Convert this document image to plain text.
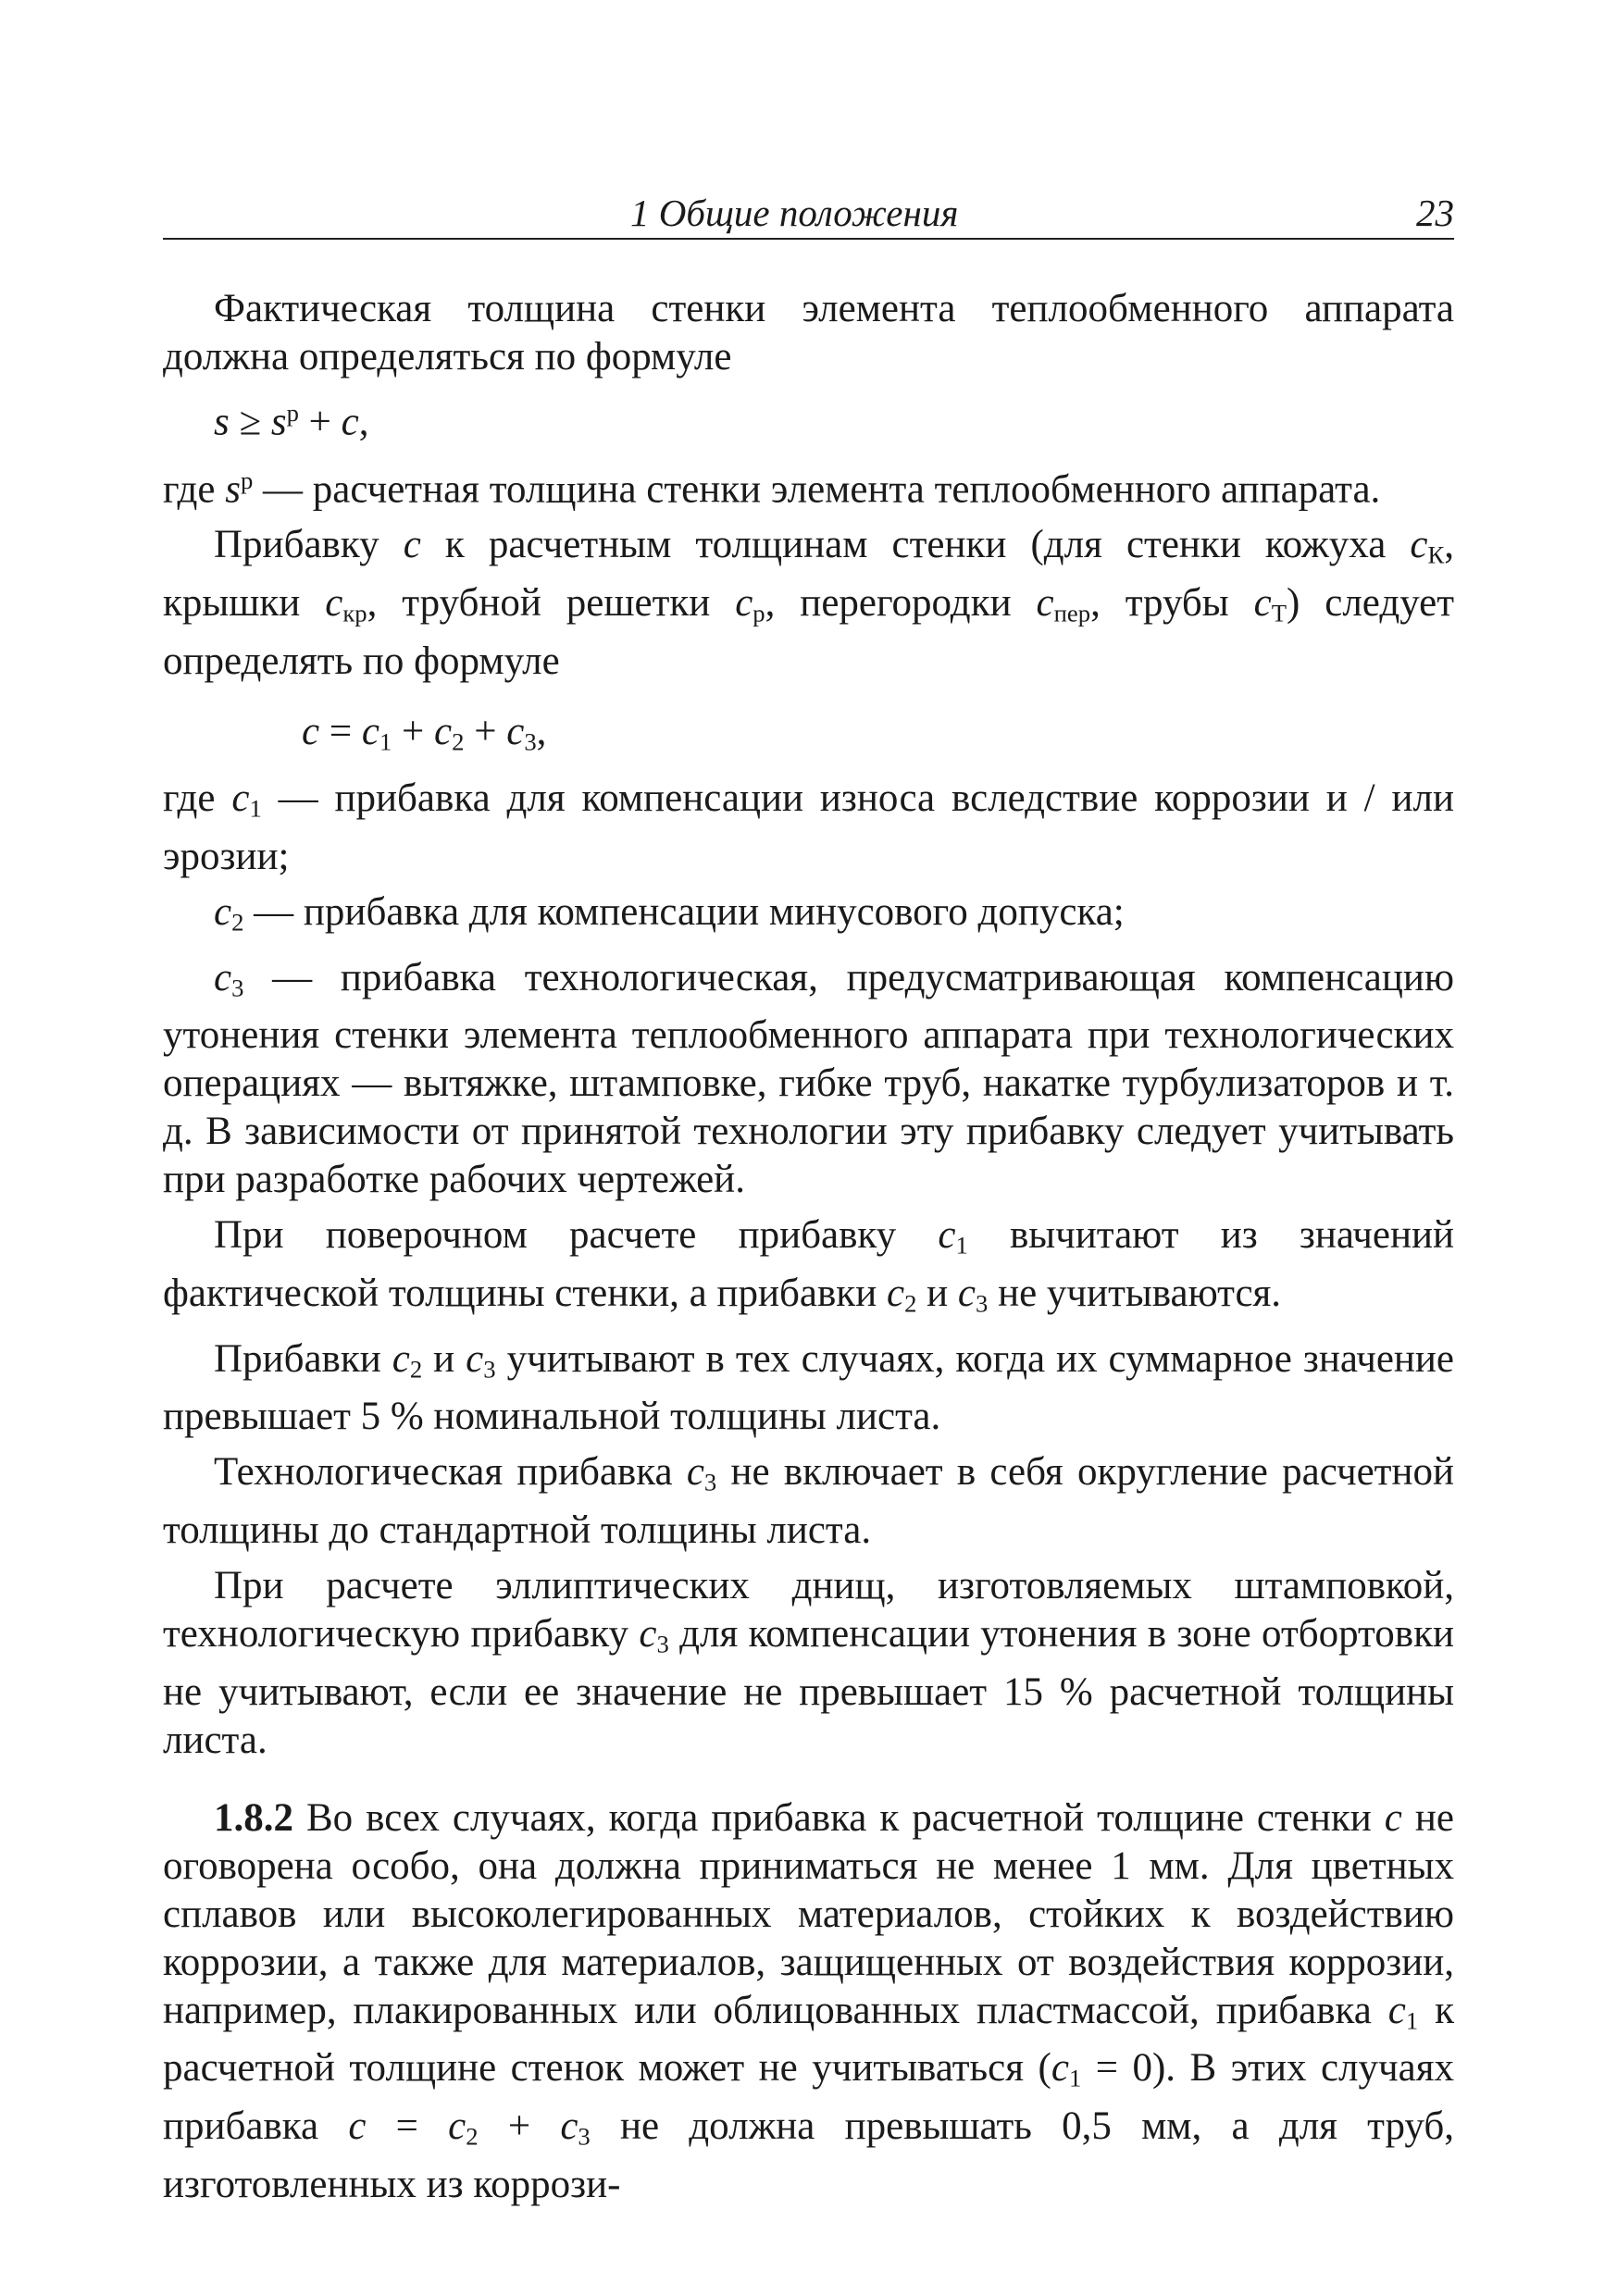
1 Общие положения	23

Фактическая толщина стенки элемента теплообменного аппарата должна определяться по формуле

$s \ge s^р + c$,

где $s^р$ — расчетная толщина стенки элемента теплообменного аппарата.

Прибавку c к расчетным толщинам стенки (для стенки кожуха $c_К$, крышки $c_{кр}$, трубной решетки $c_р$, перегородки $c_{пер}$, трубы $c_Т$) следует определять по формуле

$c = c_1 + c_2 + c_3$,

где $c_1$ — прибавка для компенсации износа вследствие коррозии и / или эрозии;

$c_2$ — прибавка для компенсации минусового допуска;

$c_3$ — прибавка технологическая, предусматривающая компенсацию утонения стенки элемента теплообменного аппарата при технологических операциях — вытяжке, штамповке, гибке труб, накатке турбулизаторов и т. д. В зависимости от принятой технологии эту прибавку следует учитывать при разработке рабочих чертежей.

При поверочном расчете прибавку $c_1$ вычитают из значений фактической толщины стенки, а прибавки $c_2$ и $c_3$ не учитываются.

Прибавки $c_2$ и $c_3$ учитывают в тех случаях, когда их суммарное значение превышает 5 % номинальной толщины листа.

Технологическая прибавка $c_3$ не включает в себя округление расчетной толщины до стандартной толщины листа.

При расчете эллиптических днищ, изготовляемых штамповкой, технологическую прибавку $c_3$ для компенсации утонения в зоне отбортовки не учитывают, если ее значение не превышает 15 % расчетной толщины листа.

1.8.2 Во всех случаях, когда прибавка к расчетной толщине стенки c не оговорена особо, она должна приниматься не менее 1 мм. Для цветных сплавов или высоколегированных материалов, стойких к воздействию коррозии, а также для материалов, защищенных от воздействия коррозии, например, плакированных или облицованных пластмассой, прибавка $c_1$ к расчетной толщине стенок может не учитываться $(c_1 = 0)$. В этих случаях прибавка $c = c_2 + c_3$ не должна превышать 0,5 мм, а для труб, изготовленных из коррози-
